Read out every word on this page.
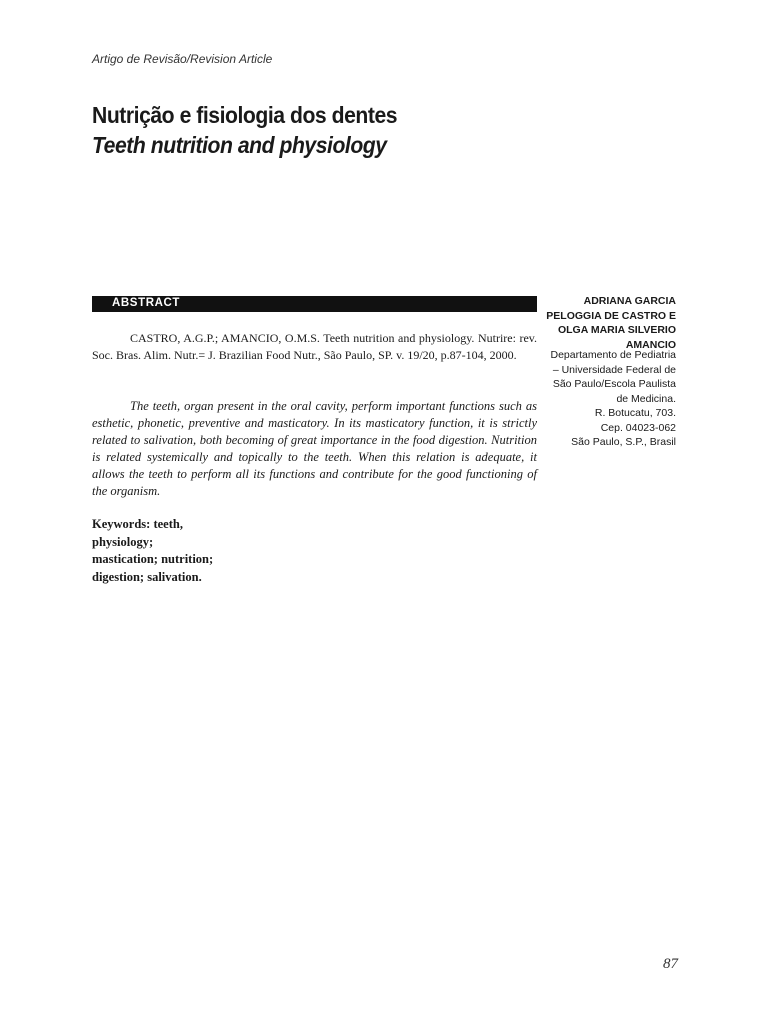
Artigo de Revisão/Revision Article
Nutrição e fisiologia dos dentes
Teeth nutrition and physiology
ABSTRACT

CASTRO, A.G.P.; AMANCIO, O.M.S. Teeth nutrition and physiology. Nutrire: rev. Soc. Bras. Alim. Nutr.= J. Brazilian Food Nutr., São Paulo, SP. v. 19/20, p.87-104, 2000.

The teeth, organ present in the oral cavity, perform important functions such as esthetic, phonetic, preventive and masticatory. In its masticatory function, it is strictly related to salivation, both becoming of great importance in the food digestion. Nutrition is related systemically and topically to the teeth. When this relation is adequate, it allows the teeth to perform all its functions and contribute for the good functioning of the organism.

Keywords: teeth,
physiology;
mastication; nutrition;
digestion; salivation.
ADRIANA GARCIA
PELOGGIA DE CASTRO E
OLGA MARIA SILVERIO
AMANCIO
Departamento de Pediatria
– Universidade Federal de
São Paulo/Escola Paulista
de Medicina.
R. Botucatu, 703.
Cep. 04023-062
São Paulo, S.P., Brasil
87
